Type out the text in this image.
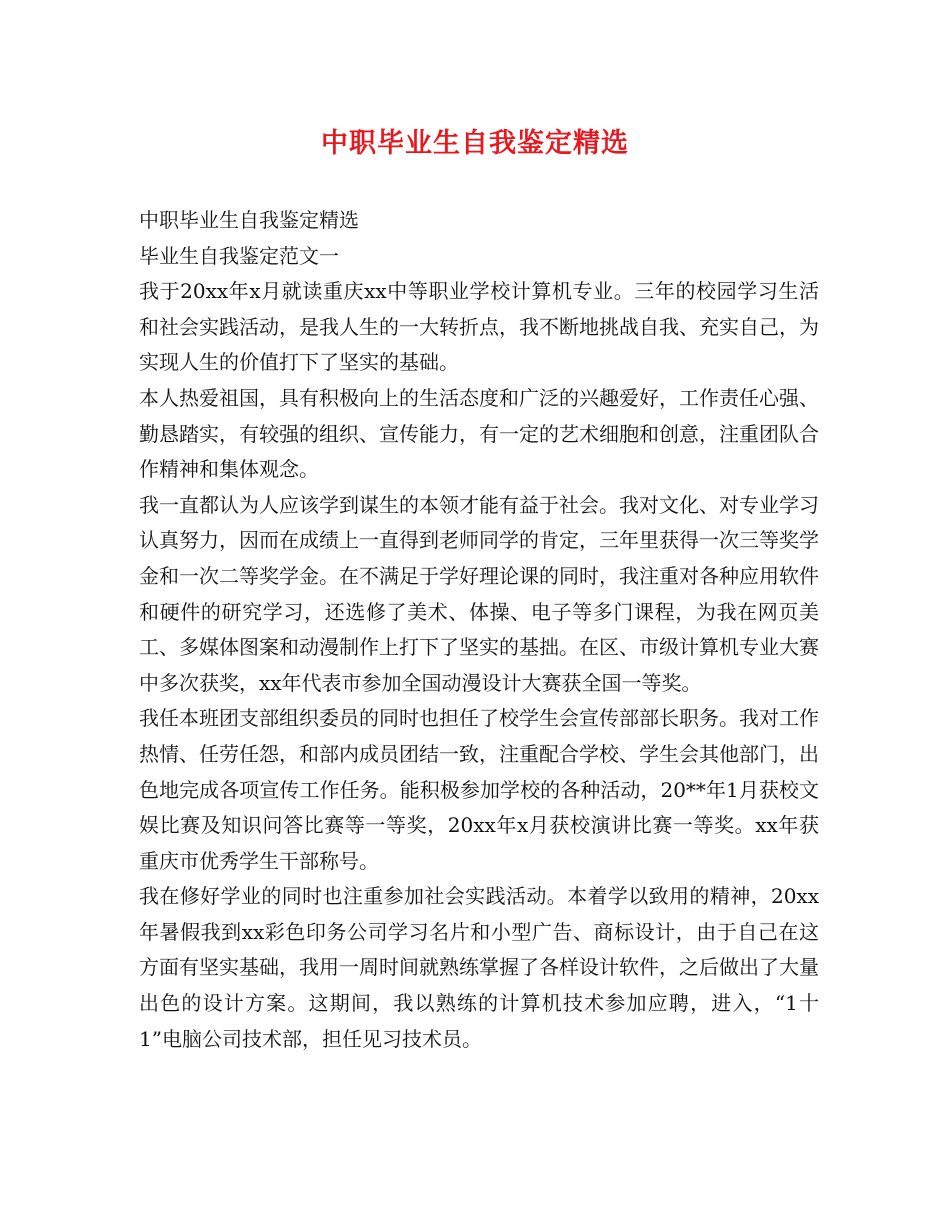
中职毕业生自我鉴定精选

中职毕业生自我鉴定精选

毕业生自我鉴定范文一

我于20xx年x月就读重庆xx中等职业学校计算机专业。三年的校园学习生活和社会实践活动，是我人生的一大转折点，我不断地挑战自我、充实自己，为实现人生的价值打下了坚实的基础。

本人热爱祖国，具有积极向上的生活态度和广泛的兴趣爱好，工作责任心强、勤恳踏实，有较强的组织、宣传能力，有一定的艺术细胞和创意，注重团队合作精神和集体观念。

我一直都认为人应该学到谋生的本领才能有益于社会。我对文化、对专业学习认真努力，因而在成绩上一直得到老师同学的肯定，三年里获得一次三等奖学金和一次二等奖学金。在不满足于学好理论课的同时，我注重对各种应用软件和硬件的研究学习，还选修了美术、体操、电子等多门课程，为我在网页美工、多媒体图案和动漫制作上打下了坚实的基拙。在区、市级计算机专业大赛中多次获奖，xx年代表市参加全国动漫设计大赛获全国一等奖。

我任本班团支部组织委员的同时也担任了校学生会宣传部部长职务。我对工作热情、任劳任怨，和部内成员团结一致，注重配合学校、学生会其他部门，出色地完成各项宣传工作任务。能积极参加学校的各种活动，20**年1月获校文娱比赛及知识问答比赛等一等奖，20xx年x月获校演讲比赛一等奖。xx年获重庆市优秀学生干部称号。

我在修好学业的同时也注重参加社会实践活动。本着学以致用的精神，20xx年暑假我到xx彩色印务公司学习名片和小型广告、商标设计，由于自己在这方面有坚实基础，我用一周时间就熟练掌握了各样设计软件，之后做出了大量出色的设计方案。这期间，我以熟练的计算机技术参加应聘，进入，“1十1”电脑公司技术部，担任见习技术员。
